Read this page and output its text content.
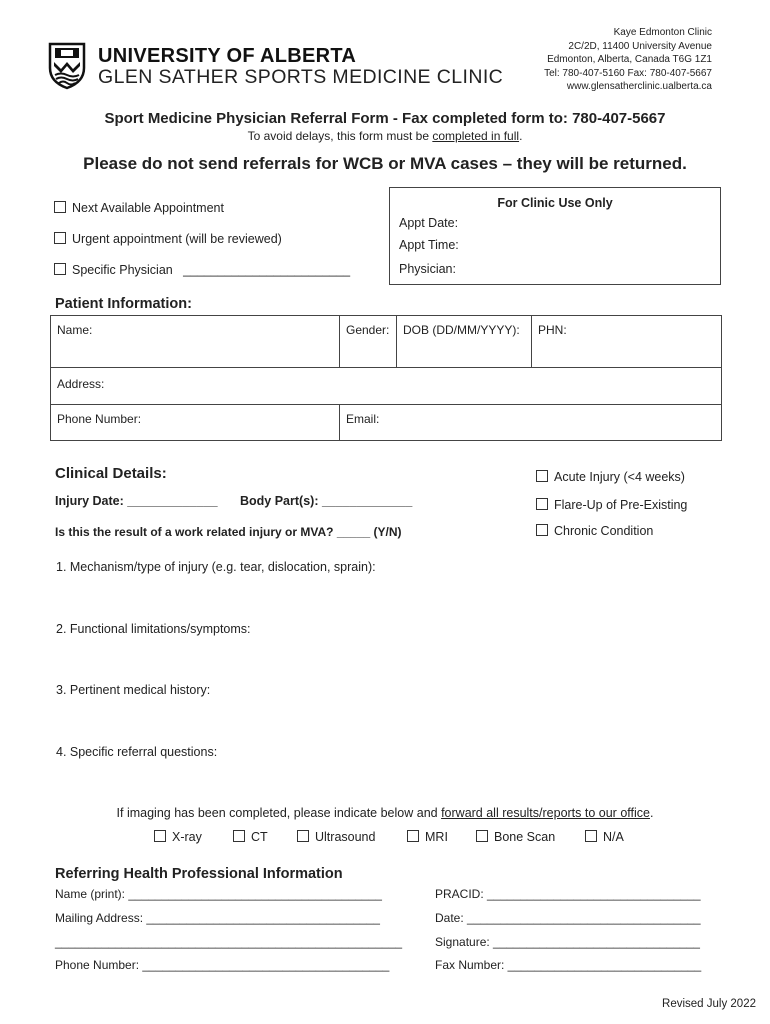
UNIVERSITY OF ALBERTA
GLEN SATHER SPORTS MEDICINE CLINIC
Kaye Edmonton Clinic
2C/2D, 11400 University Avenue
Edmonton, Alberta, Canada T6G 1Z1
Tel: 780-407-5160 Fax: 780-407-5667
www.glensatherclinic.ualberta.ca
Sport Medicine Physician Referral Form - Fax completed form to: 780-407-5667
To avoid delays, this form must be completed in full.
Please do not send referrals for WCB or MVA cases – they will be returned.
Next Available Appointment
Urgent appointment (will be reviewed)
Specific Physician ________________________
For Clinic Use Only
Appt Date:
Appt Time:
Physician:
Patient Information:
Name:	Gender:	DOB (DD/MM/YYYY):	PHN:
Address:
Phone Number:	Email:
Clinical Details:
Injury Date: _____________ Body Part(s): _____________
Is this the result of a work related injury or MVA? _____ (Y/N)
Acute Injury (<4 weeks)
Flare-Up of Pre-Existing
Chronic Condition
1. Mechanism/type of injury (e.g. tear, dislocation, sprain):
2. Functional limitations/symptoms:
3. Pertinent medical history:
4. Specific referral questions:
If imaging has been completed, please indicate below and forward all results/reports to our office.
X-ray	CT	Ultrasound	MRI	Bone Scan	N/A
Referring Health Professional Information
Name (print): ______________________________________
Mailing Address: ___________________________________
____________________________________________________
Phone Number: _____________________________________
PRACID: ________________________________
Date: ___________________________________
Signature: _______________________________
Fax Number: _____________________________
Revised July 2022
